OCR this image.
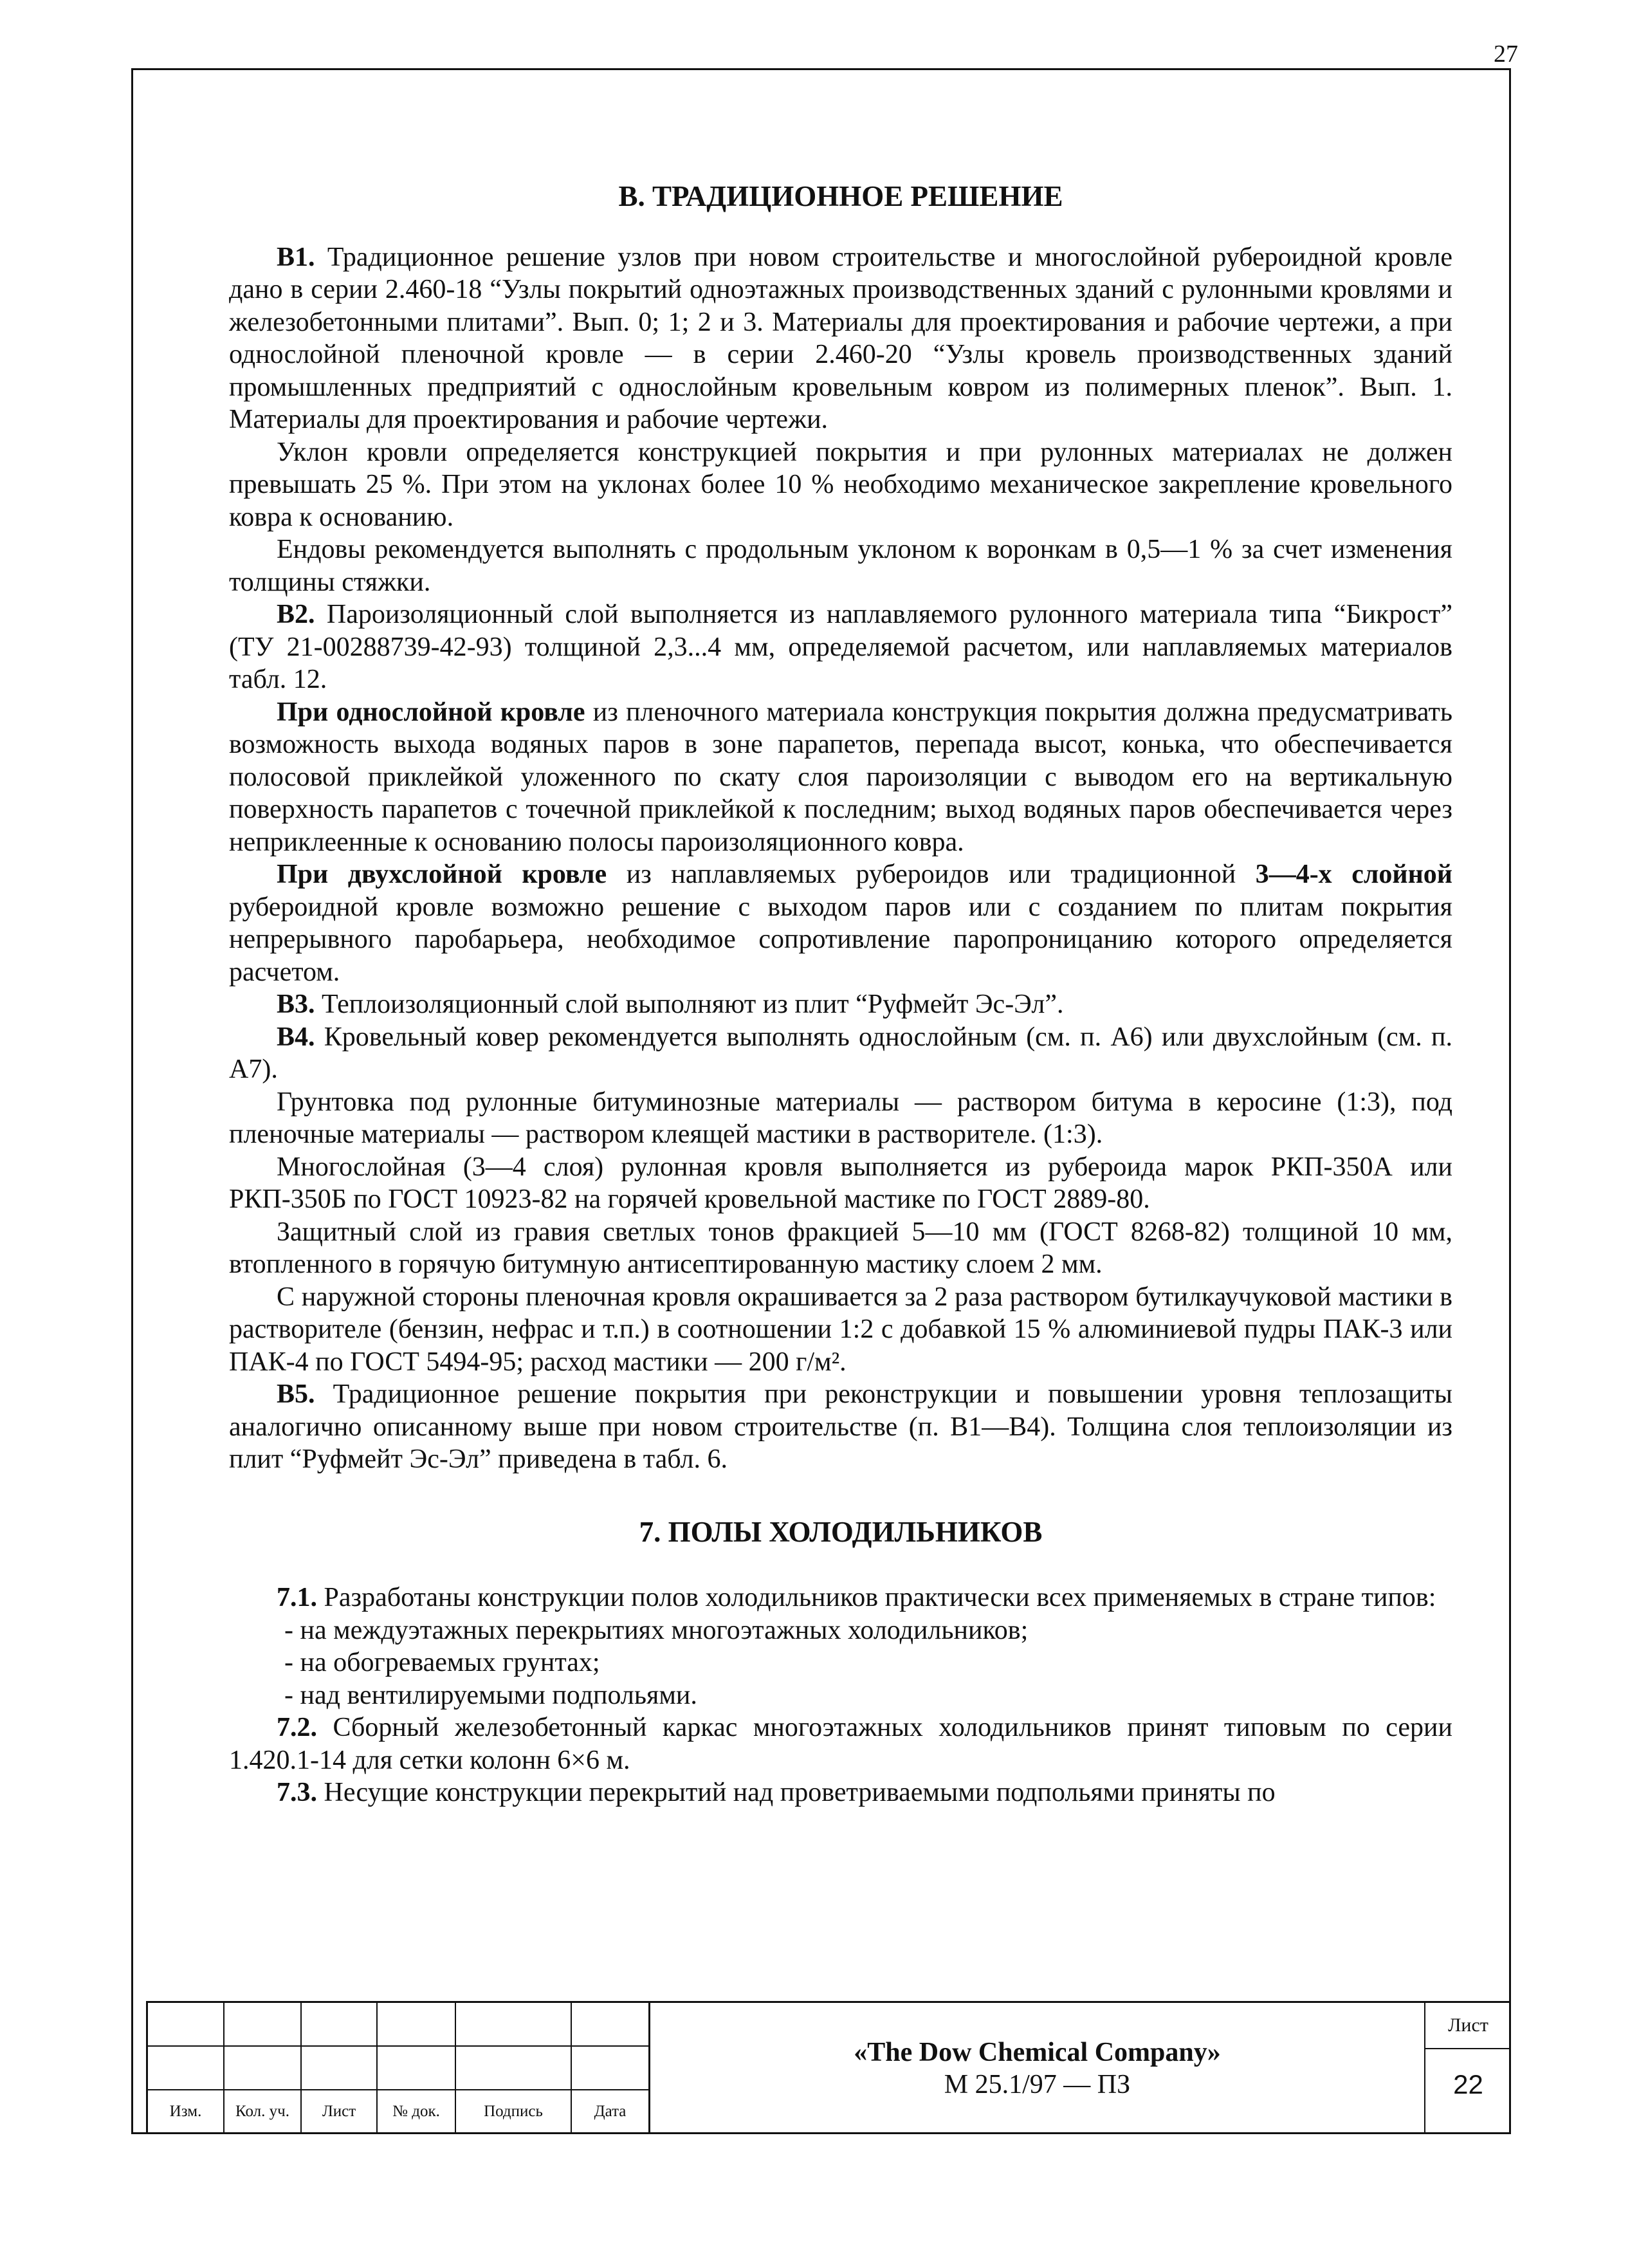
27
В. ТРАДИЦИОННОЕ РЕШЕНИЕ

В1. Традиционное решение узлов при новом строительстве и многослойной рубероидной кровле дано в серии 2.460-18 “Узлы покрытий одноэтажных производственных зданий с рулонными кровлями и железобетонными плитами”. Вып. 0; 1; 2 и 3. Материалы для проектирования и рабочие чертежи, а при однослойной пленочной кровле — в серии 2.460-20 “Узлы кровель производственных зданий промышленных предприятий с однослойным кровельным ковром из полимерных пленок”. Вып. 1. Материалы для проектирования и рабочие чертежи.

Уклон кровли определяется конструкцией покрытия и при рулонных материалах не должен превышать 25 %. При этом на уклонах более 10 % необходимо механическое закрепление кровельного ковра к основанию.

Ендовы рекомендуется выполнять с продольным уклоном к воронкам в 0,5—1 % за счет изменения толщины стяжки.

В2. Пароизоляционный слой выполняется из наплавляемого рулонного материала типа “Бикрост” (ТУ 21-00288739-42-93) толщиной 2,3...4 мм, определяемой расчетом, или наплавляемых материалов табл. 12.

При однослойной кровле из пленочного материала конструкция покрытия должна предусматривать возможность выхода водяных паров в зоне парапетов, перепада высот, конька, что обеспечивается полосовой приклейкой уложенного по скату слоя пароизоляции с выводом его на вертикальную поверхность парапетов с точечной приклейкой к последним; выход водяных паров обеспечивается через неприклеенные к основанию полосы пароизоляционного ковра.

При двухслойной кровле из наплавляемых рубероидов или традиционной 3—4-х слойной рубероидной кровле возможно решение с выходом паров или с созданием по плитам покрытия непрерывного паробарьера, необходимое сопротивление паропроницанию которого определяется расчетом.

В3. Теплоизоляционный слой выполняют из плит “Руфмейт Эс-Эл”.

В4. Кровельный ковер рекомендуется выполнять однослойным (см. п. А6) или двухслойным (см. п. А7).

Грунтовка под рулонные битуминозные материалы — раствором битума в керосине (1:3), под пленочные материалы — раствором клеящей мастики в растворителе. (1:3).

Многослойная (3—4 слоя) рулонная кровля выполняется из рубероида марок РКП-350А или РКП-350Б по ГОСТ 10923-82 на горячей кровельной мастике по ГОСТ 2889-80.

Защитный слой из гравия светлых тонов фракцией 5—10 мм (ГОСТ 8268-82) толщиной 10 мм, втопленного в горячую битумную антисептированную мастику слоем 2 мм.

С наружной стороны пленочная кровля окрашивается за 2 раза раствором бутилкаучуковой мастики в растворителе (бензин, нефрас и т.п.) в соотношении 1:2 с добавкой 15 % алюминиевой пудры ПАК-3 или ПАК-4 по ГОСТ 5494-95; расход мастики — 200 г/м².

В5. Традиционное решение покрытия при реконструкции и повышении уровня теплозащиты аналогично описанному выше при новом строительстве (п. В1—В4). Толщина слоя теплоизоляции из плит “Руфмейт Эс-Эл” приведена в табл. 6.

7. ПОЛЫ ХОЛОДИЛЬНИКОВ

7.1. Разработаны конструкции полов холодильников практически всех применяемых в стране типов:

- на междуэтажных перекрытиях многоэтажных холодильников;

- на обогреваемых грунтах;

- над вентилируемыми подпольями.

7.2. Сборный железобетонный каркас многоэтажных холодильников принят типовым по серии 1.420.1-14 для сетки колонн 6×6 м.

7.3. Несущие конструкции перекрытий над проветриваемыми подпольями приняты по

Изм.	Кол. уч.	Лист	№ док.	Подпись	Дата
«The Dow Chemical Company»
М 25.1/97 — ПЗ
Лист
22
